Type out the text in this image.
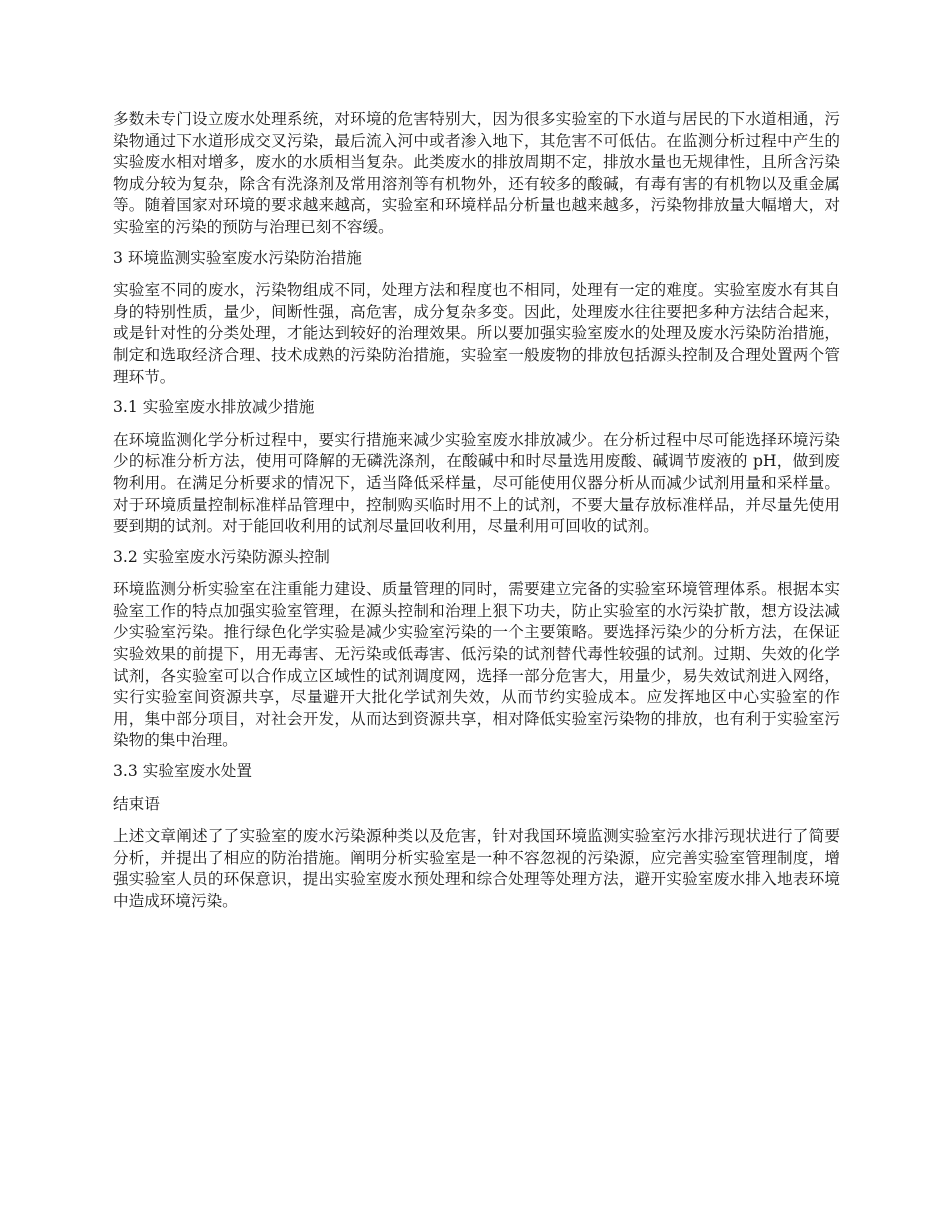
多数未专门设立废水处理系统，对环境的危害特别大，因为很多实验室的下水道与居民的下水道相通，污染物通过下水道形成交叉污染，最后流入河中或者渗入地下，其危害不可低估。在监测分析过程中产生的实验废水相对增多，废水的水质相当复杂。此类废水的排放周期不定，排放水量也无规律性，且所含污染物成分较为复杂，除含有洗涤剂及常用溶剂等有机物外，还有较多的酸碱，有毒有害的有机物以及重金属等。随着国家对环境的要求越来越高，实验室和环境样品分析量也越来越多，污染物排放量大幅增大，对实验室的污染的预防与治理已刻不容缓。

3 环境监测实验室废水污染防治措施

实验室不同的废水，污染物组成不同，处理方法和程度也不相同，处理有一定的难度。实验室废水有其自身的特别性质，量少，间断性强，高危害，成分复杂多变。因此，处理废水往往要把多种方法结合起来，或是针对性的分类处理，才能达到较好的治理效果。所以要加强实验室废水的处理及废水污染防治措施，制定和选取经济合理、技术成熟的污染防治措施，实验室一般废物的排放包括源头控制及合理处置两个管理环节。

3.1 实验室废水排放减少措施

在环境监测化学分析过程中，要实行措施来减少实验室废水排放减少。在分析过程中尽可能选择环境污染少的标准分析方法，使用可降解的无磷洗涤剂，在酸碱中和时尽量选用废酸、碱调节废液的 pH，做到废物利用。在满足分析要求的情况下，适当降低采样量，尽可能使用仪器分析从而减少试剂用量和采样量。对于环境质量控制标准样品管理中，控制购买临时用不上的试剂，不要大量存放标准样品，并尽量先使用要到期的试剂。对于能回收利用的试剂尽量回收利用，尽量利用可回收的试剂。

3.2 实验室废水污染防源头控制

环境监测分析实验室在注重能力建设、质量管理的同时，需要建立完备的实验室环境管理体系。根据本实验室工作的特点加强实验室管理，在源头控制和治理上狠下功夫，防止实验室的水污染扩散，想方设法减少实验室污染。推行绿色化学实验是减少实验室污染的一个主要策略。要选择污染少的分析方法，在保证实验效果的前提下，用无毒害、无污染或低毒害、低污染的试剂替代毒性较强的试剂。过期、失效的化学试剂，各实验室可以合作成立区域性的试剂调度网，选择一部分危害大，用量少，易失效试剂进入网络，实行实验室间资源共享，尽量避开大批化学试剂失效，从而节约实验成本。应发挥地区中心实验室的作用，集中部分项目，对社会开发，从而达到资源共享，相对降低实验室污染物的排放，也有利于实验室污染物的集中治理。

3.3 实验室废水处置
结束语

上述文章阐述了了实验室的废水污染源种类以及危害，针对我国环境监测实验室污水排污现状进行了简要分析，并提出了相应的防治措施。阐明分析实验室是一种不容忽视的污染源，应完善实验室管理制度，增强实验室人员的环保意识，提出实验室废水预处理和综合处理等处理方法，避开实验室废水排入地表环境中造成环境污染。
